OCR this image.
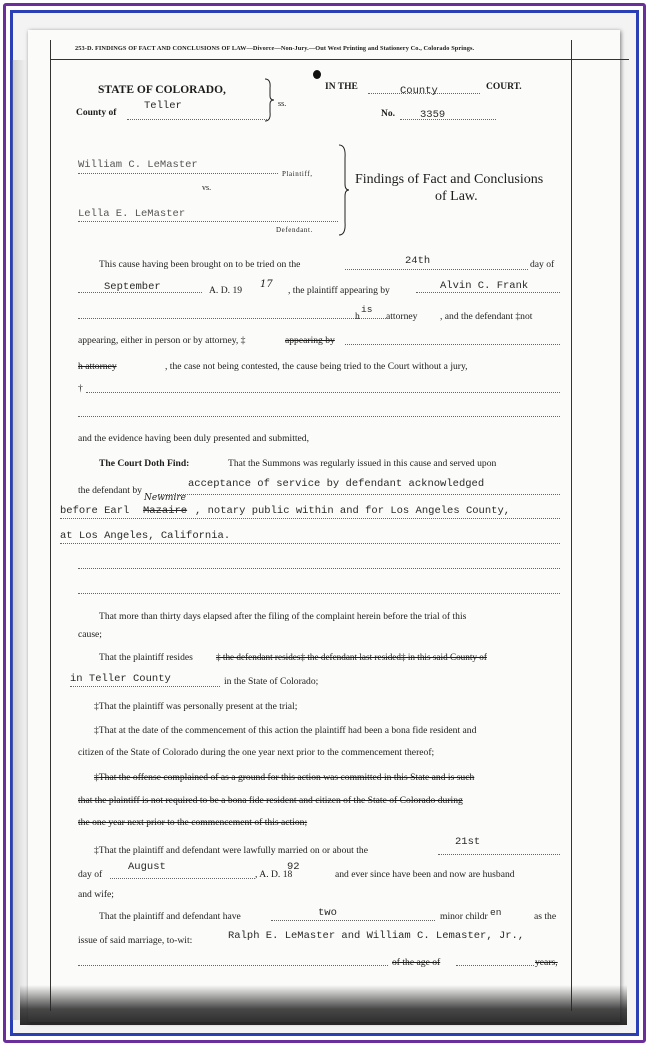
253-D. FINDINGS OF FACT AND CONCLUSIONS OF LAW—Divorce—Non-Jury.—Out West Printing and Stationery Co., Colorado Springs.
STATE OF COLORADO,
County of
Teller	ss.
IN THE	County	COURT.
No. 3359
William C. LeMaster
Plaintiff,
vs.
Lella E. LeMaster
Defendant.
Findings of Fact and Conclusions
of Law.
This cause having been brought on to be tried on the	24th	day of
September	A. D. 19
17
, the plaintiff appearing by	Alvin C. Frank
h
is
attorney , and the defendant ‡not
appearing, either in person or by attorney, ‡	appearing by
h attorney	, the case not being contested, the cause being tried to the Court without a jury,
†
and the evidence having been duly presented and submitted,
The Court Doth Find:	That the Summons was regularly issued in this cause and served upon
the defendant by
acceptance of service by defendant acknowledged
before Earl Mazaire
Newmire
, notary public within and for Los Angeles County,
at Los Angeles, California.
That more than thirty days elapsed after the filing of the complaint herein before the trial of this
cause;
That the plaintiff resides	‡ the defendant resides‡ the defendant last resided‡ in this said County of
in Teller County	in the State of Colorado;
‡That the plaintiff was personally present at the trial;
‡That at the date of the commencement of this action the plaintiff had been a bona fide resident and
citizen of the State of Colorado during the one year next prior to the commencement thereof;
‡That the offense complained of as a ground for this action was committed in this State and is such
that the plaintiff is not required to be a bona fide resident and citizen of the State of Colorado during
the one year next prior to the commencement of this action;
‡That the plaintiff and defendant were lawfully married on or about the
21st
day of
August
, A. D. 18
92
and ever since have been and now are husband
and wife;
That the plaintiff and defendant have	two	minor childr en	as the
issue of said marriage, to-wit:	Ralph E. LeMaster and William C. Lemaster, Jr.,
of the age of	years,
